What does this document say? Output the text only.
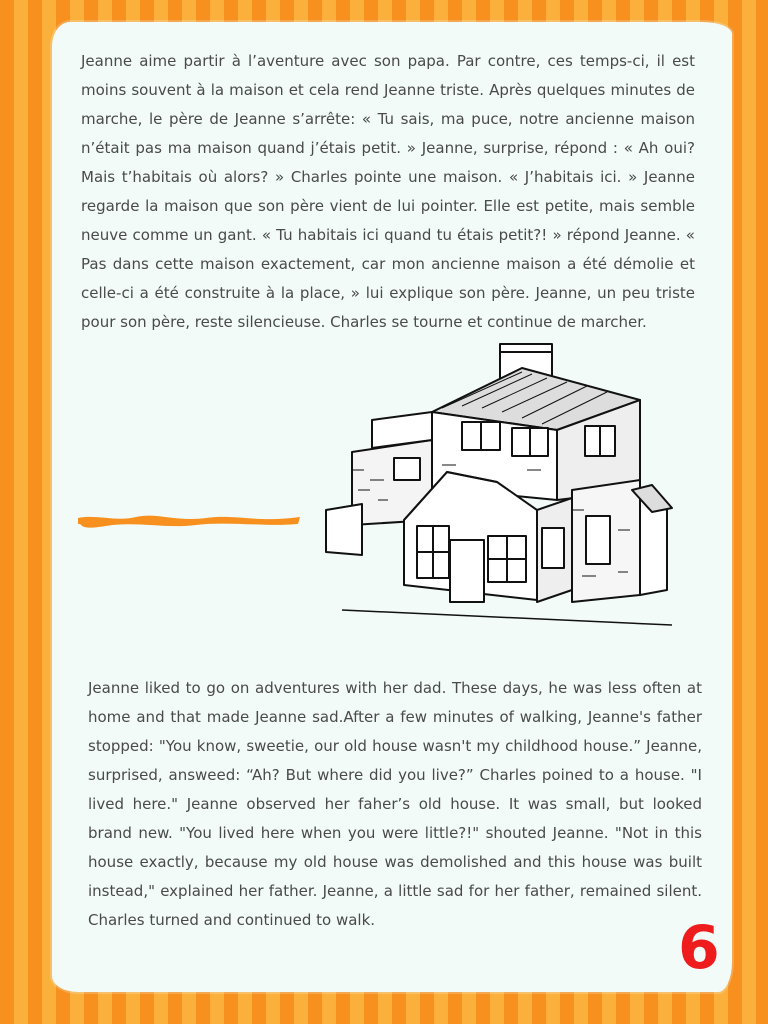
Jeanne aime partir à l’aventure avec son papa. Par contre, ces temps-ci, il est moins souvent à la maison et cela rend Jeanne triste. Après quelques minutes de marche, le père de Jeanne s’arrête: « Tu sais, ma puce, notre ancienne maison n’était pas ma maison quand j’étais petit. » Jeanne, surprise, répond : « Ah oui? Mais t’habitais où alors? » Charles pointe une maison. « J’habitais ici. » Jeanne regarde la maison que son père vient de lui pointer. Elle est petite, mais semble neuve comme un gant. « Tu habitais ici quand tu étais petit?! » répond Jeanne. « Pas dans cette maison exactement, car mon ancienne maison a été démolie et celle-ci a été construite à la place, » lui explique son père. Jeanne, un peu triste pour son père, reste silencieuse. Charles se tourne et continue de marcher.

Jeanne liked to go on adventures with her dad. These days, he was less often at home and that made Jeanne sad.After a few minutes of walking, Jeanne's father stopped: "You know, sweetie, our old house wasn't my childhood house.” Jeanne, surprised, answeed: “Ah? But where did you live?” Charles poined to a house. "I lived here." Jeanne observed her faher’s old house. It was small, but looked brand new. "You lived here when you were little?!" shouted Jeanne. "Not in this house exactly, because my old house was demolished and this house was built instead," explained her father. Jeanne, a little sad for her father, remained silent. Charles turned and continued to walk.	6
